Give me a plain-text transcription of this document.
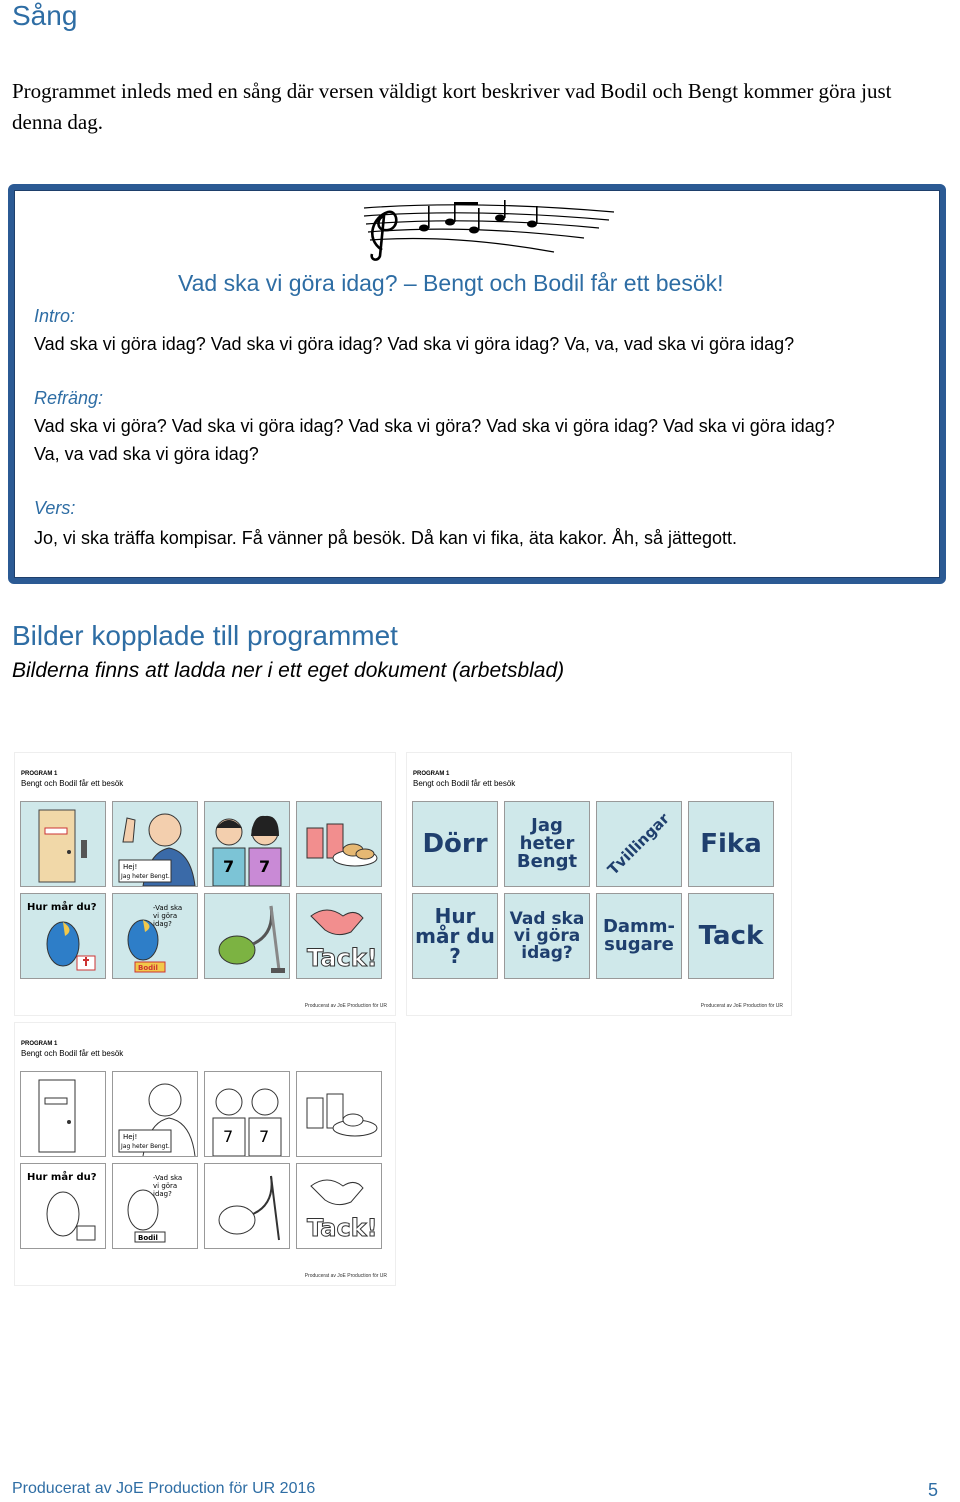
Sång

Programmet inleds med en sång där versen väldigt kort beskriver vad Bodil och Bengt kommer göra just denna dag.

Vad ska vi göra idag? – Bengt och Bodil får ett besök!
Intro:
Vad ska vi göra idag? Vad ska vi göra idag? Vad ska vi göra idag? Va, va, vad ska vi göra idag?
Refräng:
Vad ska vi göra? Vad ska vi göra idag? Vad ska vi göra? Vad ska vi göra idag? Vad ska vi göra idag?
Va, va vad ska vi göra idag?
Vers:
Jo, vi ska träffa kompisar. Få vänner på besök. Då kan vi fika, äta kakor. Åh, så jättegott.
Bilder kopplade till programmet
Bilderna finns att ladda ner i ett eget dokument (arbetsblad)
PROGRAM 1
Bengt och Bodil får ett besök
Hej!
Jag heter Bengt.
7 7
Hur mår du?	-Vad ska
vi göra
idag?
Bodil	Tack!
Producerat av JoE Production för UR
PROGRAM 1
Bengt och Bodil får ett besök
Dörr
Jag heter Bengt	Tvillingar	Fika
Hur mår du ?
Vad ska vi göra idag?
Damm-sugare Tack
Producerat av JoE Production för UR
PROGRAM 1
Bengt och Bodil får ett besök
Hej!
Jag heter Bengt.
7 7
Hur mår du?	-Vad ska
vi göra
idag?
Bodil	Tack!
Producerat av JoE Production för UR
Producerat av JoE Production för UR 2016	5
